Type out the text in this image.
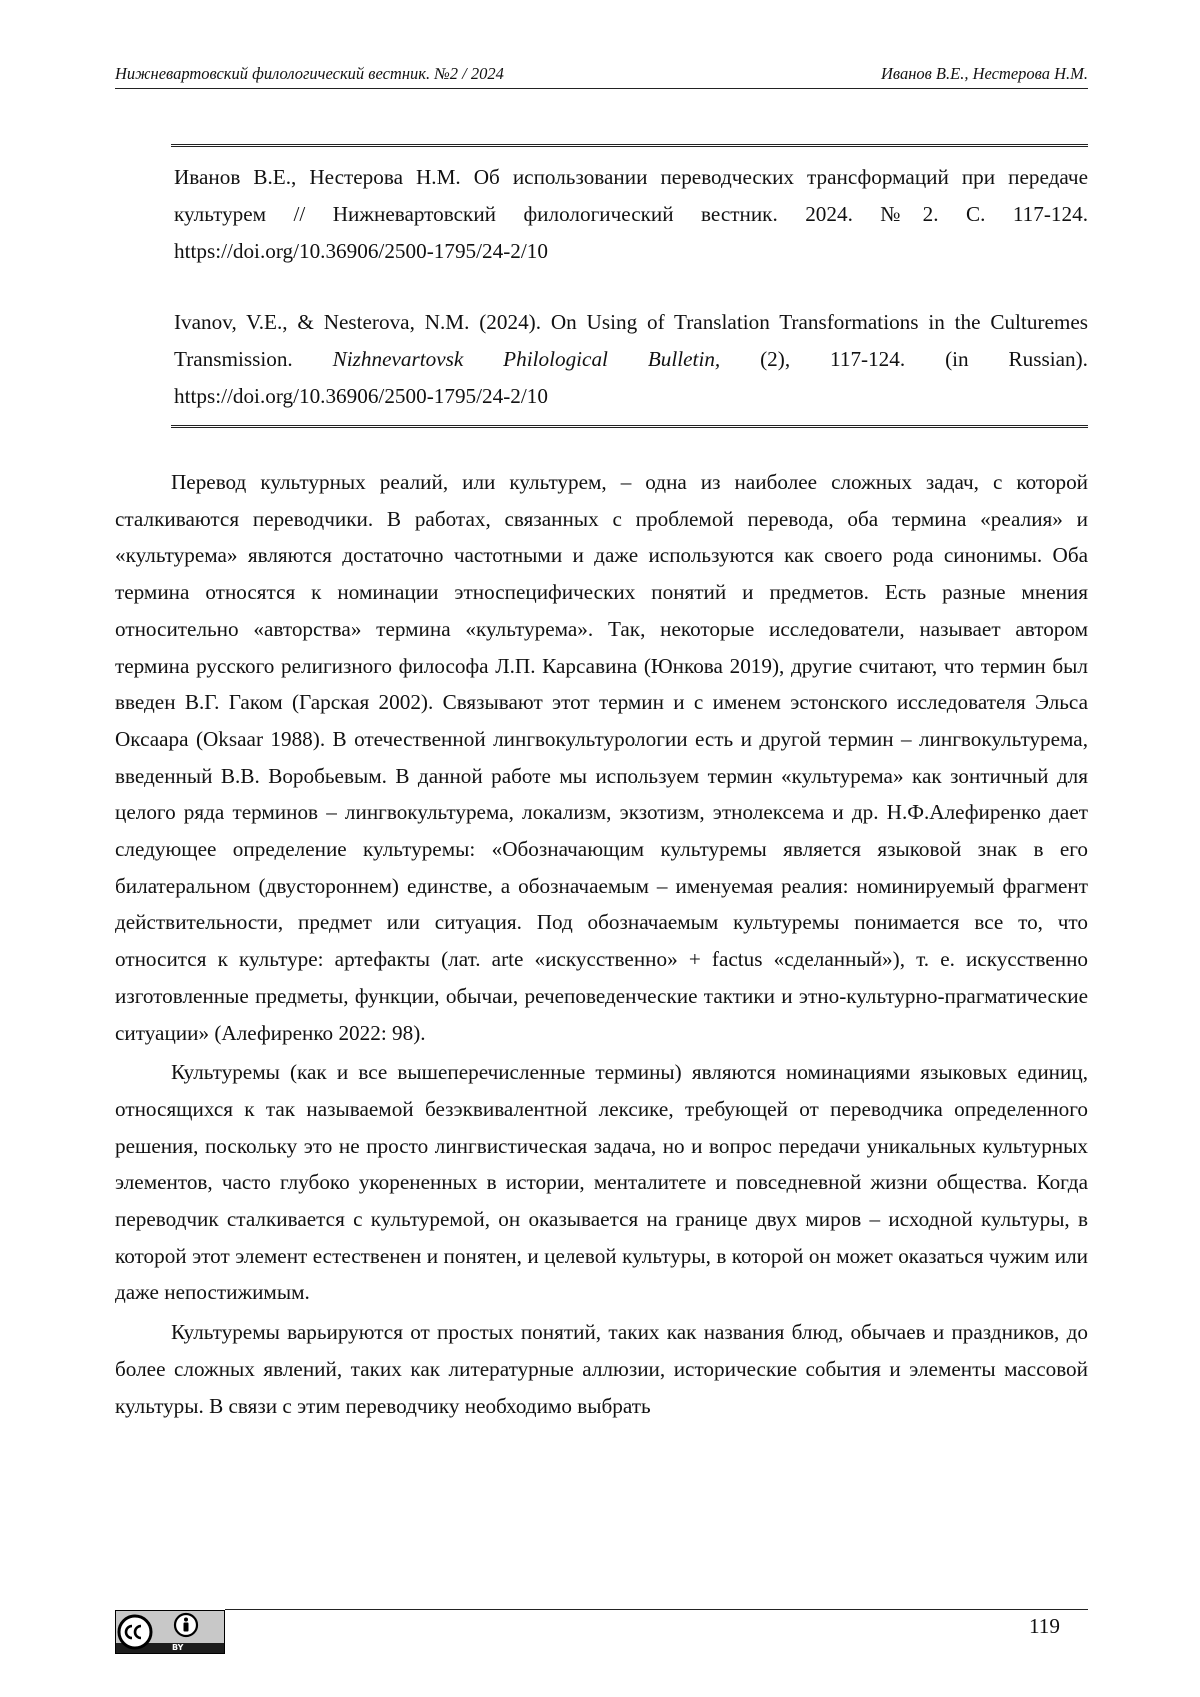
Нижневартовский филологический вестник. №2 / 2024	Иванов В.Е., Нестерова Н.М.
Иванов В.Е., Нестерова Н.М. Об использовании переводческих трансформаций при передаче культурем // Нижневартовский филологический вестник. 2024. №2. С. 117-124. https://doi.org/10.36906/2500-1795/24-2/10
Ivanov, V.E., & Nesterova, N.M. (2024). On Using of Translation Transformations in the Culturemes Transmission. Nizhnevartovsk Philological Bulletin, (2), 117-124. (in Russian). https://doi.org/10.36906/2500-1795/24-2/10

Перевод культурных реалий, или культурем, – одна из наиболее сложных задач, с которой сталкиваются переводчики. В работах, связанных с проблемой перевода, оба термина «реалия» и «культурема» являются достаточно частотными и даже используются как своего рода синонимы. Оба термина относятся к номинации этноспецифических понятий и предметов. Есть разные мнения относительно «авторства» термина «культурема». Так, некоторые исследователи, называет автором термина русского религизного философа Л.П. Карсавина (Юнкова 2019), другие считают, что термин был введен В.Г. Гаком (Гарская 2002). Связывают этот термин и с именем эстонского исследователя Эльса Оксаара (Oksaar 1988). В отечественной лингвокультурологии есть и другой термин – лингвокультурема, введенный В.В. Воробьевым. В данной работе мы используем термин «культурема» как зонтичный для целого ряда терминов – лингвокультурема, локализм, экзотизм, этнолексема и др. Н.Ф.Алефиренко дает следующее определение культуремы: «Обозначающим культуремы является языковой знак в его билатеральном (двустороннем) единстве, а обозначаемым – именуемая реалия: номинируемый фрагмент действительности, предмет или ситуация. Под обозначаемым культуремы понимается все то, что относится к культуре: артефакты (лат. arte «искусственно» + factus «сделанный»), т. е. искусственно изготовленные предметы, функции, обычаи, речеповеденческие тактики и этно-культурно-прагматические ситуации» (Алефиренко 2022: 98).

Культуремы (как и все вышеперечисленные термины) являются номинациями языковых единиц, относящихся к так называемой безэквивалентной лексике, требующей от переводчика определенного решения, поскольку это не просто лингвистическая задача, но и вопрос передачи уникальных культурных элементов, часто глубоко укорененных в истории, менталитете и повседневной жизни общества. Когда переводчик сталкивается с культуремой, он оказывается на границе двух миров – исходной культуры, в которой этот элемент естественен и понятен, и целевой культуры, в которой он может оказаться чужим или даже непостижимым.

Культуремы варьируются от простых понятий, таких как названия блюд, обычаев и праздников, до более сложных явлений, таких как литературные аллюзии, исторические события и элементы массовой культуры. В связи с этим переводчику необходимо выбрать

BY
119
